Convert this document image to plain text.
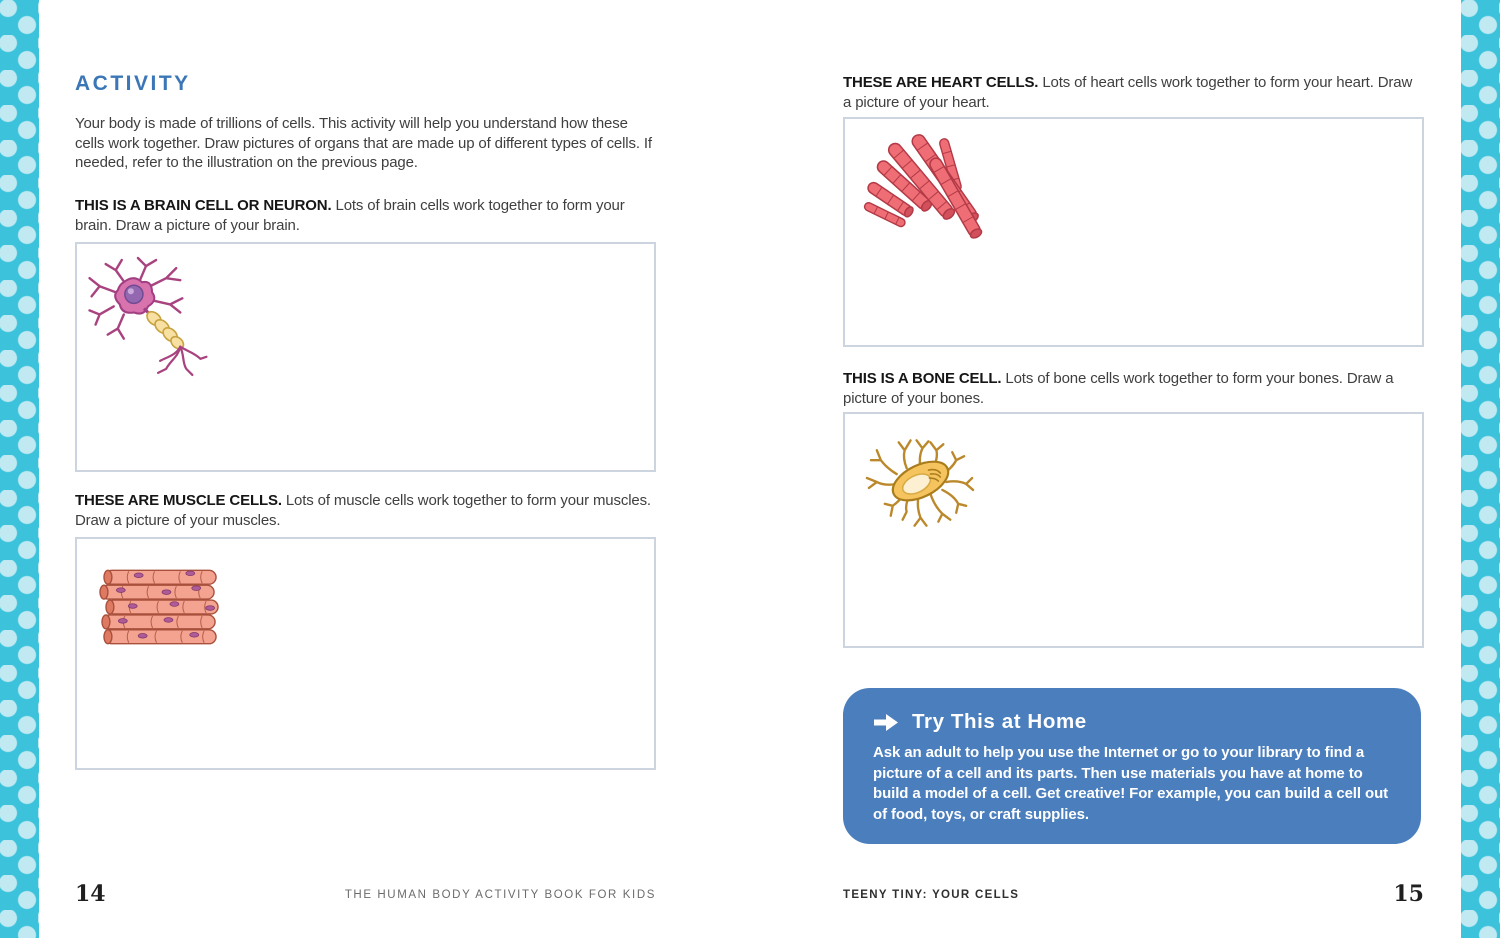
ACTIVITY

Your body is made of trillions of cells. This activity will help you understand how these cells work together. Draw pictures of organs that are made up of different types of cells. If needed, refer to the illustration on the previous page.

THIS IS A BRAIN CELL OR NEURON. Lots of brain cells work together to form your brain. Draw a picture of your brain.

THESE ARE MUSCLE CELLS. Lots of muscle cells work together to form your muscles. Draw a picture of your muscles.

THESE ARE HEART CELLS. Lots of heart cells work together to form your heart. Draw a picture of your heart.

THIS IS A BONE CELL. Lots of bone cells work together to form your bones. Draw a picture of your bones.

Try This at Home

Ask an adult to help you use the Internet or go to your library to find a picture of a cell and its parts. Then use materials you have at home to build a model of a cell. Get creative! For example, you can build a cell out of food, toys, or craft supplies.

14	THE HUMAN BODY ACTIVITY BOOK FOR KIDS	TEENY TINY: YOUR CELLS	15
